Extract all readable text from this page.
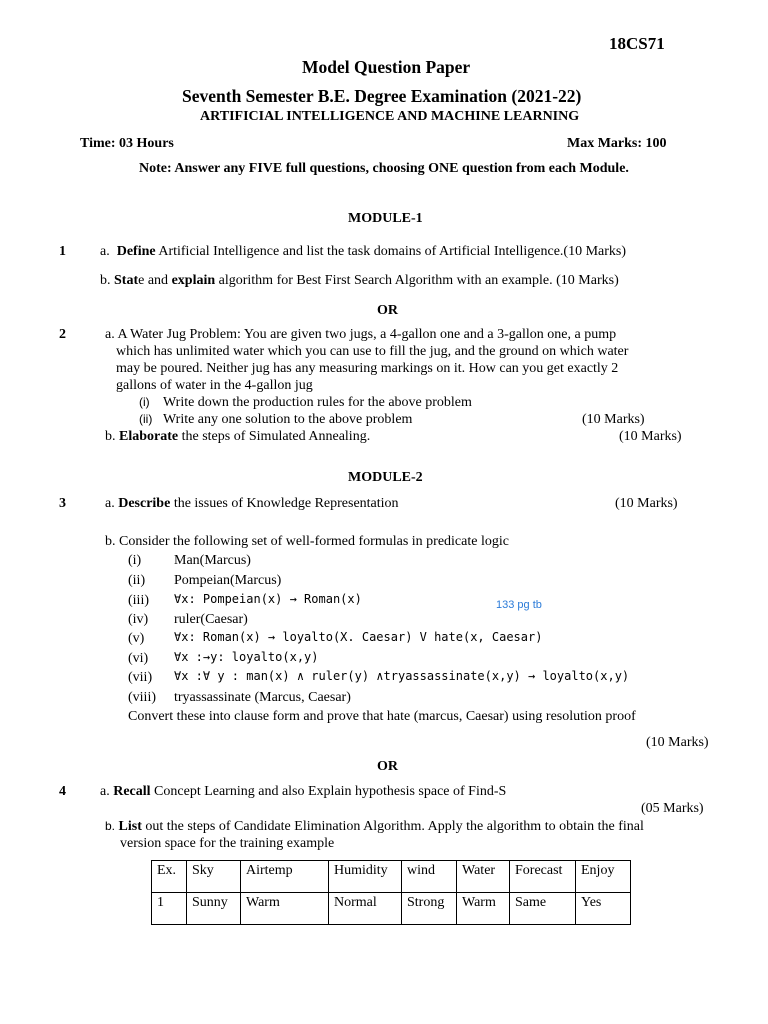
18CS71
Model Question Paper
Seventh Semester B.E. Degree Examination (2021-22)
ARTIFICIAL INTELLIGENCE AND MACHINE LEARNING
Time: 03 Hours	Max Marks: 100
Note: Answer any FIVE full questions, choosing ONE question from each Module.
MODULE-1
1 a. Define Artificial Intelligence and list the task domains of Artificial Intelligence.(10 Marks)
b. State and explain algorithm for Best First Search Algorithm with an example. (10 Marks)
OR
2	a. A Water Jug Problem: You are given two jugs, a 4-gallon one and a 3-gallon one, a pump
which has unlimited water which you can use to fill the jug, and the ground on which water
may be poured. Neither jug has any measuring markings on it. How can you get exactly 2
gallons of water in the 4-gallon jug
(i) Write down the production rules for the above problem
(ii) Write any one solution to the above problem	(10 Marks)
b. Elaborate the steps of Simulated Annealing.	(10 Marks)
MODULE-2
3	a. Describe the issues of Knowledge Representation	(10 Marks)
b. Consider the following set of well-formed formulas in predicate logic
(i) Man(Marcus)
(ii) Pompeian(Marcus)
(iii) ∀x: Pompeian(x) → Roman(x)	133 pg tb
(iv) ruler(Caesar)
(v) ∀x: Roman(x) → loyalto(X. Caesar) V hate(x, Caesar)
(vi) ∀x :→y: loyalto(x,y)
(vii) ∀x :∀ y : man(x) ∧ ruler(y) ∧tryassassinate(x,y) → loyalto(x,y)
(viii) tryassassinate (Marcus, Caesar)
Convert these into clause form and prove that hate (marcus, Caesar) using resolution proof
(10 Marks)
OR
4 a. Recall Concept Learning and also Explain hypothesis space of Find-S
(05 Marks)
b. List out the steps of Candidate Elimination Algorithm. Apply the algorithm to obtain the final
version space for the training example
Ex.	Sky	Airtemp	Humidity	wind	Water	Forecast	Enjoy
1	Sunny	Warm	Normal	Strong	Warm	Same	Yes
